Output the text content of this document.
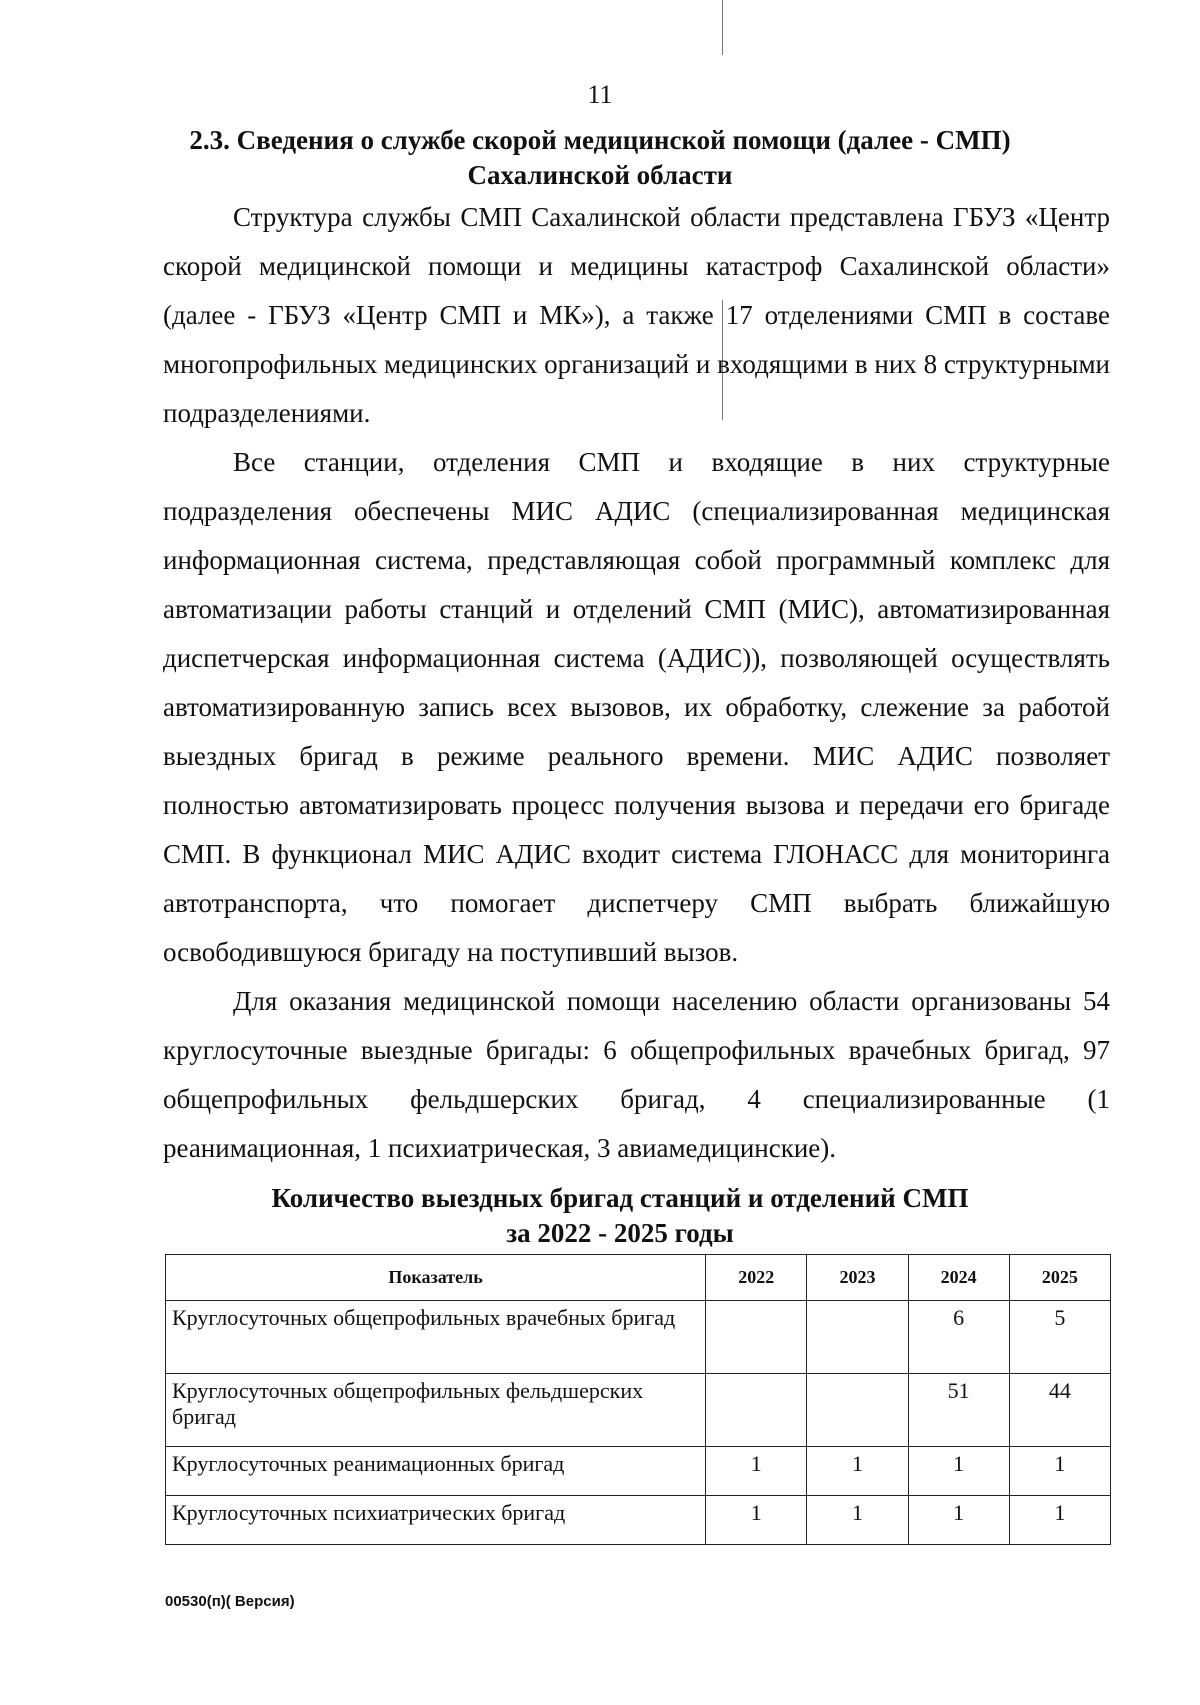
11
2.3. Сведения о службе скорой медицинской помощи (далее - СМП)
Сахалинской области

Структура службы СМП Сахалинской области представлена ГБУЗ «Центр скорой медицинской помощи и медицины катастроф Сахалинской области» (далее - ГБУЗ «Центр СМП и МК»), а также 17 отделениями СМП в составе многопрофильных медицинских организаций и входящими в них 8 структурными подразделениями.

Все станции, отделения СМП и входящие в них структурные подразделения обеспечены МИС АДИС (специализированная медицинская информационная система, представляющая собой программный комплекс для автоматизации работы станций и отделений СМП (МИС), автоматизированная диспетчерская информационная система (АДИС)), позволяющей осуществлять автоматизированную запись всех вызовов, их обработку, слежение за работой выездных бригад в режиме реального времени. МИС АДИС позволяет полностью автоматизировать процесс получения вызова и передачи его бригаде СМП. В функционал МИС АДИС входит система ГЛОНАСС для мониторинга автотранспорта, что помогает диспетчеру СМП выбрать ближайшую освободившуюся бригаду на поступивший вызов.

Для оказания медицинской помощи населению области организованы 54 круглосуточные выездные бригады: 6 общепрофильных врачебных бригад, 97 общепрофильных фельдшерских бригад, 4 специализированные (1 реанимационная, 1 психиатрическая, 3 авиамедицинские).

Количество выездных бригад станций и отделений СМП
за 2022 - 2025 годы
Показатель	2022	2023	2024	2025
Круглосуточных общепрофильных врачебных бригад			6	5
Круглосуточных общепрофильных фельдшерских бригад			51	44
Круглосуточных реанимационных бригад	1	1	1	1
Круглосуточных психиатрических бригад	1	1	1	1
00530(п)( Версия)
